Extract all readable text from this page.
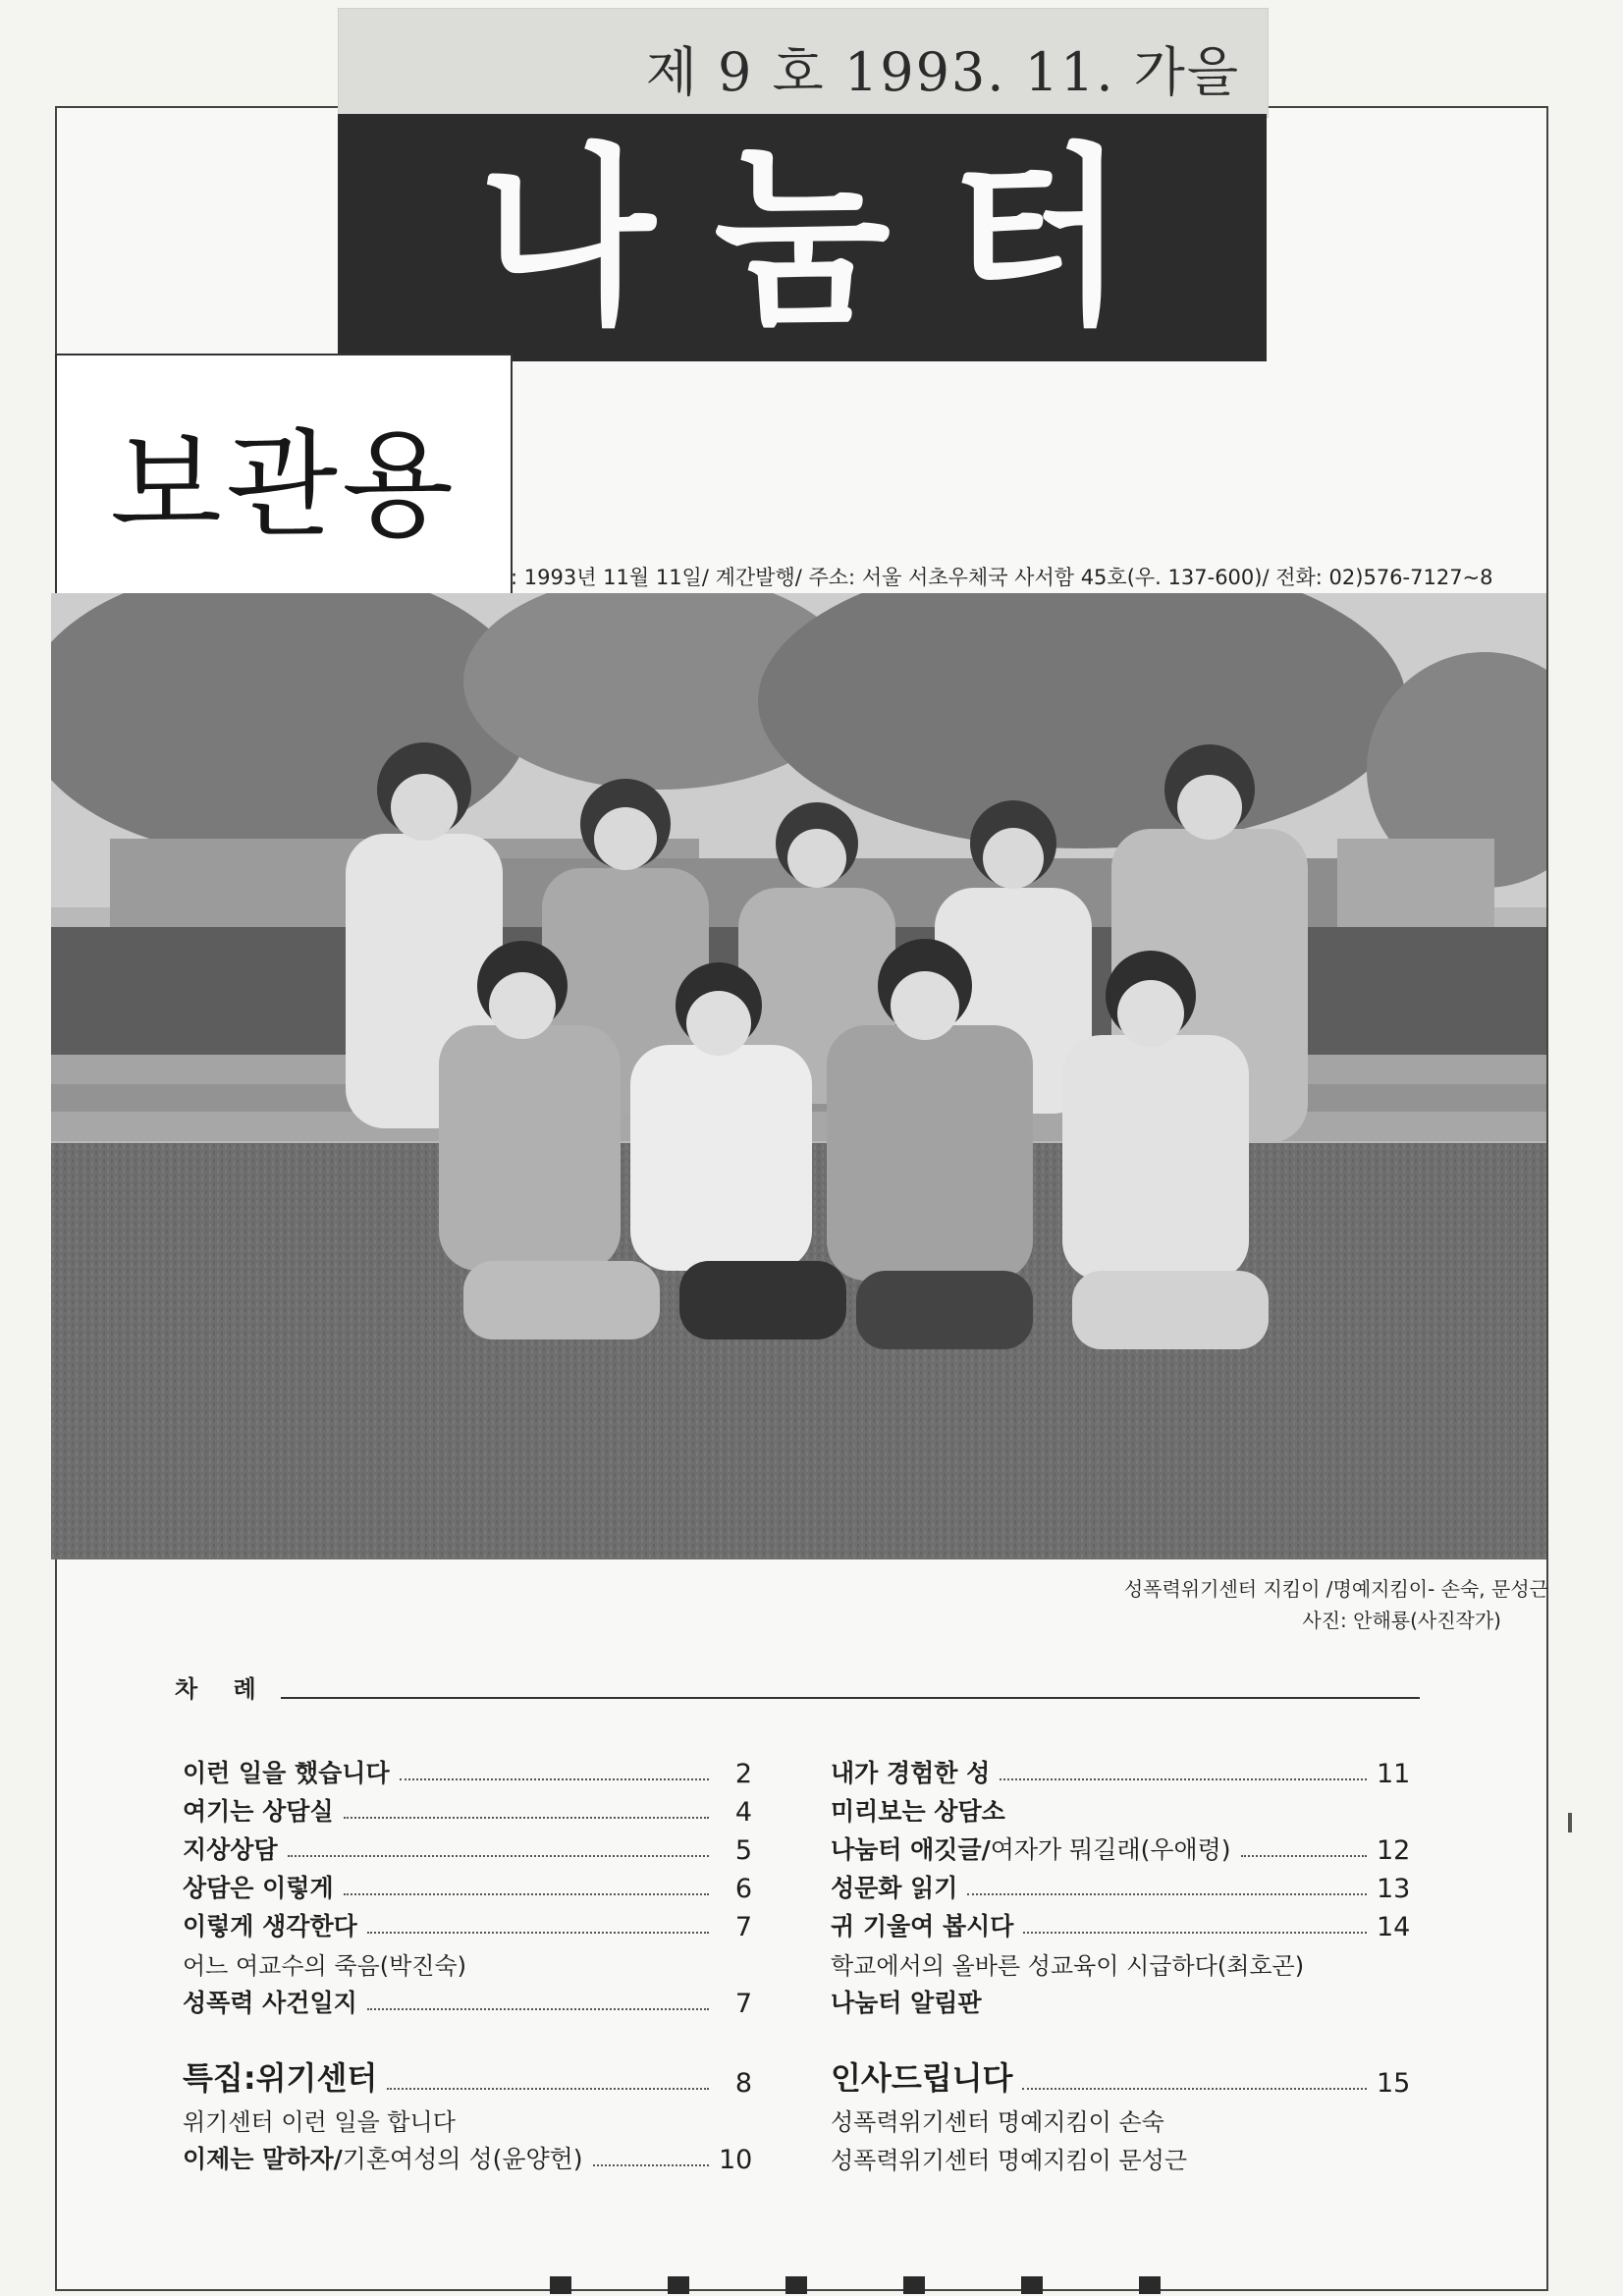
제 9 호 1993. 11. 가을
나눔터
보관용
: 1993년 11월 11일/ 계간발행/ 주소: 서울 서초우체국 사서함 45호(우. 137-600)/ 전화: 02)576-7127~8
성폭력위기센터 지킴이 /명예지킴이- 손숙, 문성근
사진: 안해룡(사진작가)
차 례
이런 일을 했습니다	2
여기는 상담실	4
지상상담	5
상담은 이렇게	6
이렇게 생각한다	7
어느 여교수의 죽음(박진숙)
성폭력 사건일지	7
특집:위기센터	8
위기센터 이런 일을 합니다
이제는 말하자/ 기혼여성의 성(윤양헌)	10
내가 경험한 성	11
미리보는 상담소
나눔터 애깃글/ 여자가 뭐길래(우애령)	12
성문화 읽기	13
귀 기울여 봅시다	14
학교에서의 올바른 성교육이 시급하다(최호곤)
나눔터 알림판
인사드립니다	15
성폭력위기센터 명예지킴이 손숙
성폭력위기센터 명예지킴이 문성근
